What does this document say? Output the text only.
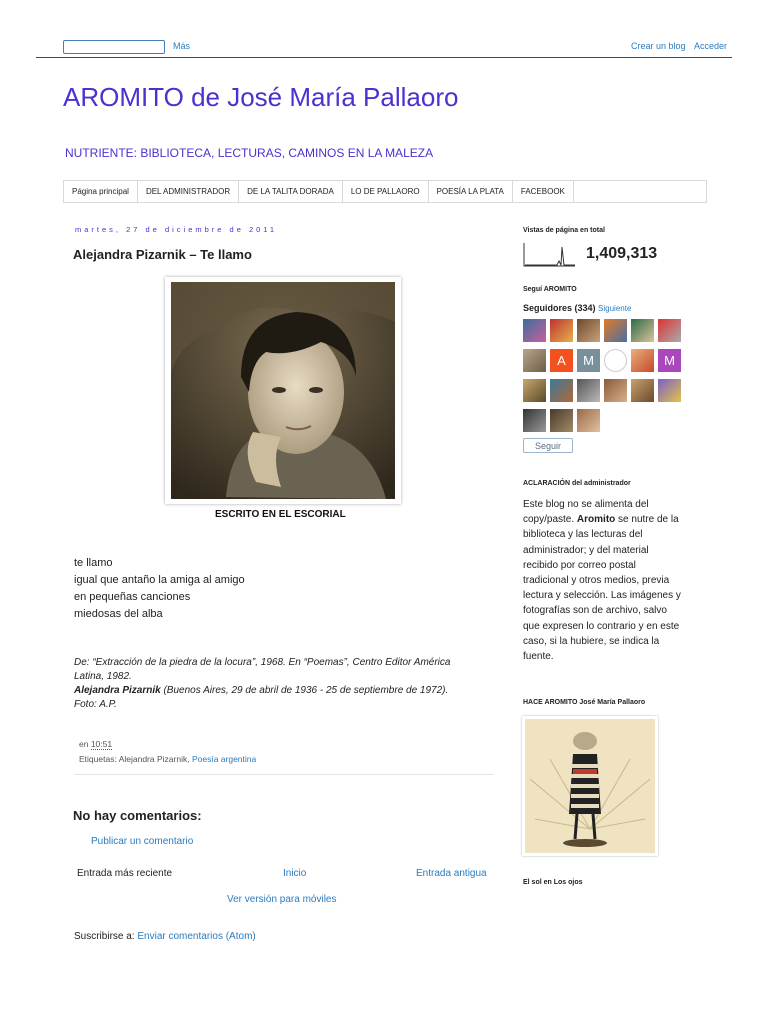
Más	Crear un blog Acceder
AROMITO de José María Pallaoro
NUTRIENTE: BIBLIOTECA, LECTURAS, CAMINOS EN LA MALEZA
Página principal	DEL ADMINISTRADOR	DE LA TALITA DORADA	LO DE PALLAORO	POESÍA LA PLATA	FACEBOOK
martes, 27 de diciembre de 2011
Alejandra Pizarnik – Te llamo
ESCRITO EN EL ESCORIAL
te llamo
igual que antaño la amiga al amigo
en pequeñas canciones
miedosas del alba
De: “Extracción de la piedra de la locura”, 1968. En “Poemas”, Centro Editor América
Latina, 1982.
Alejandra Pizarnik (Buenos Aires, 29 de abril de 1936 - 25 de septiembre de 1972).
Foto: A.P.
en 10:51
Etiquetas: Alejandra Pizarnik, Poesía argentina
No hay comentarios:
Publicar un comentario
Entrada más reciente	Inicio	Entrada antigua
Ver versión para móviles
Suscribirse a: Enviar comentarios (Atom)
Vistas de página en total
1,409,313
Seguí AROMITO
Seguidores (334) Siguiente
A	M	M
Seguir
ACLARACIÓN del administrador
Este blog no se alimenta del copy/paste. Aromito se nutre de la biblioteca y las lecturas del administrador; y del material recibido por correo postal tradicional y otros medios, previa lectura y selección. Las imágenes y fotografías son de archivo, salvo que expresen lo contrario y en este caso, si la hubiere, se indica la fuente.
HACE AROMITO José María Pallaoro
El sol en Los ojos
